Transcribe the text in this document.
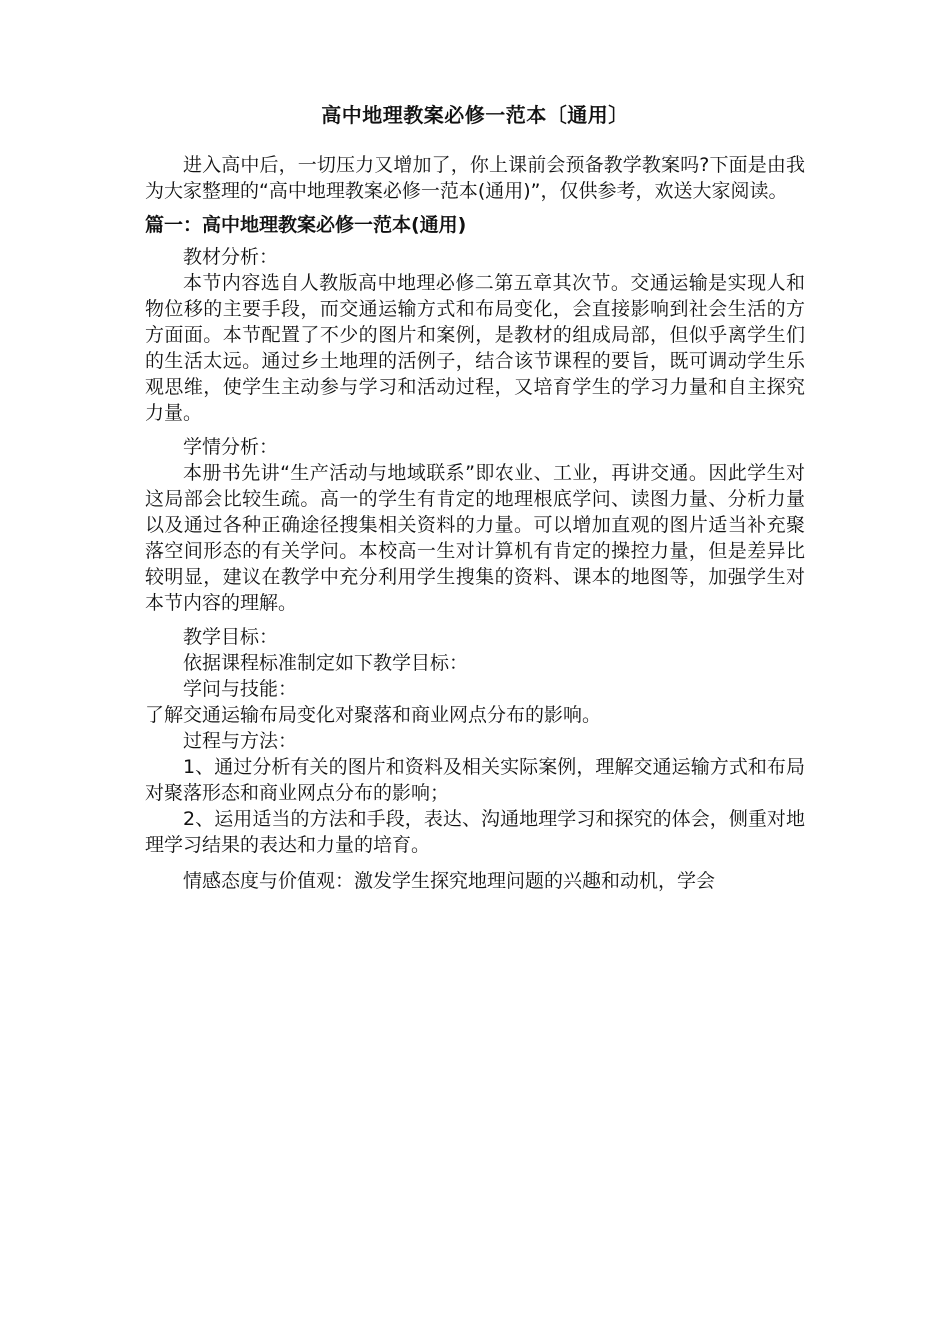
高中地理教案必修一范本〔通用〕

进入高中后，一切压力又增加了，你上课前会预备教学教案吗?下面是由我为大家整理的“高中地理教案必修一范本(通用)”，仅供参考，欢送大家阅读。

篇一：高中地理教案必修一范本(通用)

教材分析：

本节内容选自人教版高中地理必修二第五章其次节。交通运输是实现人和物位移的主要手段，而交通运输方式和布局变化，会直接影响到社会生活的方方面面。本节配置了不少的图片和案例，是教材的组成局部，但似乎离学生们的生活太远。通过乡土地理的活例子，结合该节课程的要旨，既可调动学生乐观思维，使学生主动参与学习和活动过程，又培育学生的学习力量和自主探究力量。

学情分析：

本册书先讲“生产活动与地域联系”即农业、工业，再讲交通。因此学生对这局部会比较生疏。高一的学生有肯定的地理根底学问、读图力量、分析力量以及通过各种正确途径搜集相关资料的力量。可以增加直观的图片适当补充聚落空间形态的有关学问。本校高一生对计算机有肯定的操控力量，但是差异比较明显，建议在教学中充分利用学生搜集的资料、课本的地图等，加强学生对本节内容的理解。

教学目标：

依据课程标准制定如下教学目标：

学问与技能：

了解交通运输布局变化对聚落和商业网点分布的影响。

过程与方法：

1、通过分析有关的图片和资料及相关实际案例，理解交通运输方式和布局对聚落形态和商业网点分布的影响；

2、运用适当的方法和手段，表达、沟通地理学习和探究的体会，侧重对地理学习结果的表达和力量的培育。

情感态度与价值观：激发学生探究地理问题的兴趣和动机，学会
